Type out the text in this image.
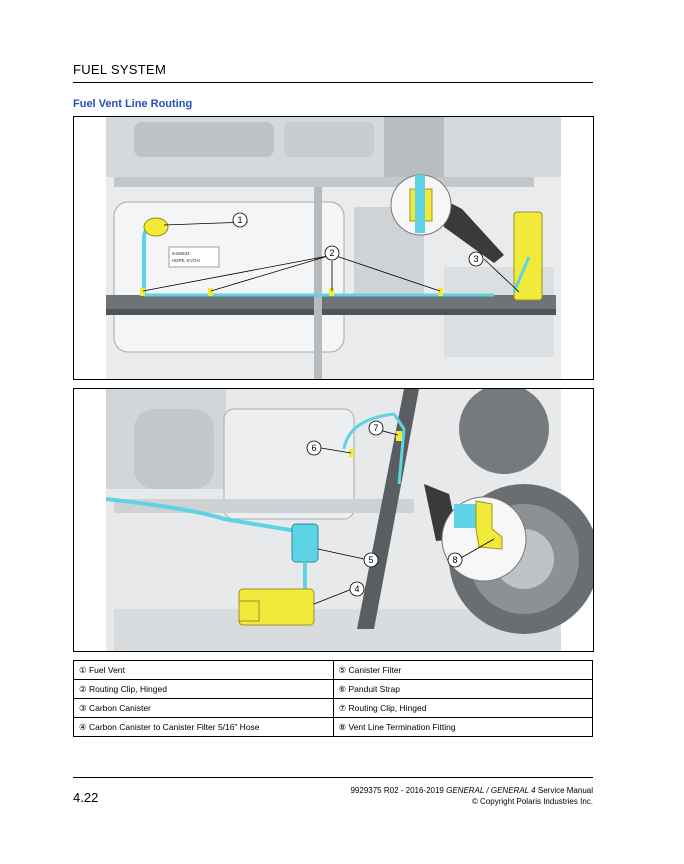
FUEL SYSTEM
Fuel Vent Line Routing
5436634
HDPE, EVOH
1
2
3
6
7
5
4
8
① Fuel Vent	⑤ Canister Filter
② Routing Clip, Hinged	⑥ Panduit Strap
③ Carbon Canister	⑦ Routing Clip, Hinged
④ Carbon Canister to Canister Filter 5/16” Hose	⑧ Vent Line Termination Fitting
4.22	9929375 R02 - 2016-2019 GENERAL / GENERAL 4 Service Manual
© Copyright Polaris Industries Inc.
